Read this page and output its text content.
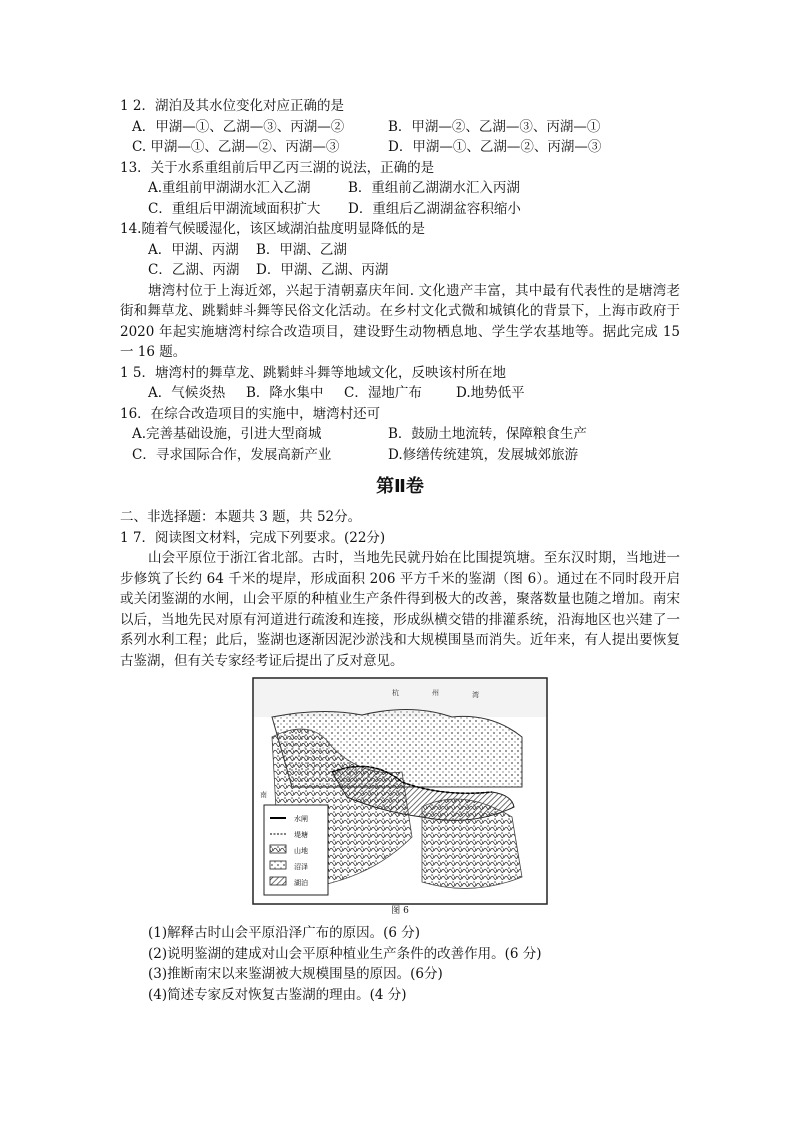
1 2．湖泊及其水位变化对应正确的是
A．甲湖—①、乙湖—③、丙湖—②	B．甲湖—②、乙湖—③、丙湖—①
C. 甲湖—①、乙湖—②、丙湖—③	D．甲湖—①、乙湖—②、丙湖—③
13．关于水系重组前后甲乙丙三湖的说法，正确的是
A.重组前甲湖湖水汇入乙湖	B．重组前乙湖湖水汇入丙湖
C．重组后甲湖流域面积扩大 D．重组后乙湖湖盆容积缩小
14.随着气候暖湿化，该区域湖泊盐度明显降低的是
A．甲湖、丙湖 B．甲湖、乙湖
C．乙湖、丙湖 D．甲湖、乙湖、丙湖
塘湾村位于上海近郊，兴起于清朝嘉庆年间. 文化遗产丰富，其中最有代表性的是塘湾老街和舞草龙、跳鬁蚌斗舞等民俗文化活动。在乡村文化式微和城镇化的背景下，上海市政府于 2020 年起实施塘湾村综合改造项目，建设野生动物栖息地、学生学农基地等。据此完成 15 一 16 题。
1 5．塘湾村的舞草龙、跳鬁蚌斗舞等地域文化，反映该村所在地
A．气候炎热 B．降水集中 C．湿地广布	D.地势低平
16．在综合改造项目的实施中，塘湾村还可
A.完善基础设施，引进大型商城	B．鼓励土地流转，保障粮食生产
C．寻求国际合作，发展高新产业	D.修缮传统建筑，发展城郊旅游
第Ⅱ卷
二、非选择题：本题共 3 题，共 52分。
1 7．阅读图文材料，完成下列要求。(22分)
山会平原位于浙江省北部。古时，当地先民就丹始在比围提筑塘。至东汉时期，当地进一步修筑了长约 64 千米的堤岸，形成面积 206 平方千米的鉴湖（图 6）。通过在不同时段开启或关闭鉴湖的水闸，山会平原的种植业生产条件得到极大的改善，聚落数量也随之增加。南宋以后，当地先民对原有河道进行疏浚和连接，形成纵横交错的排灌系统，沿海地区也兴建了一系列水利工程；此后，鉴湖也逐渐因泥沙淤浅和大规模围垦而消失。近年来，有人提出要恢复古鉴湖，但有关专家经考证后提出了反对意见。
杭	州	湾
南
水闸
堤塘
山地
沼泽
湖泊
图 6
(1)解释古时山会平原沿泽广布的原因。(6 分)
(2)说明鉴湖的建成对山会平原种植业生产条件的改善作用。(6 分)
(3)推断南宋以来鉴湖被大规模围垦的原因。(6分)
(4)简述专家反对恢复古鉴湖的理由。(4 分)
